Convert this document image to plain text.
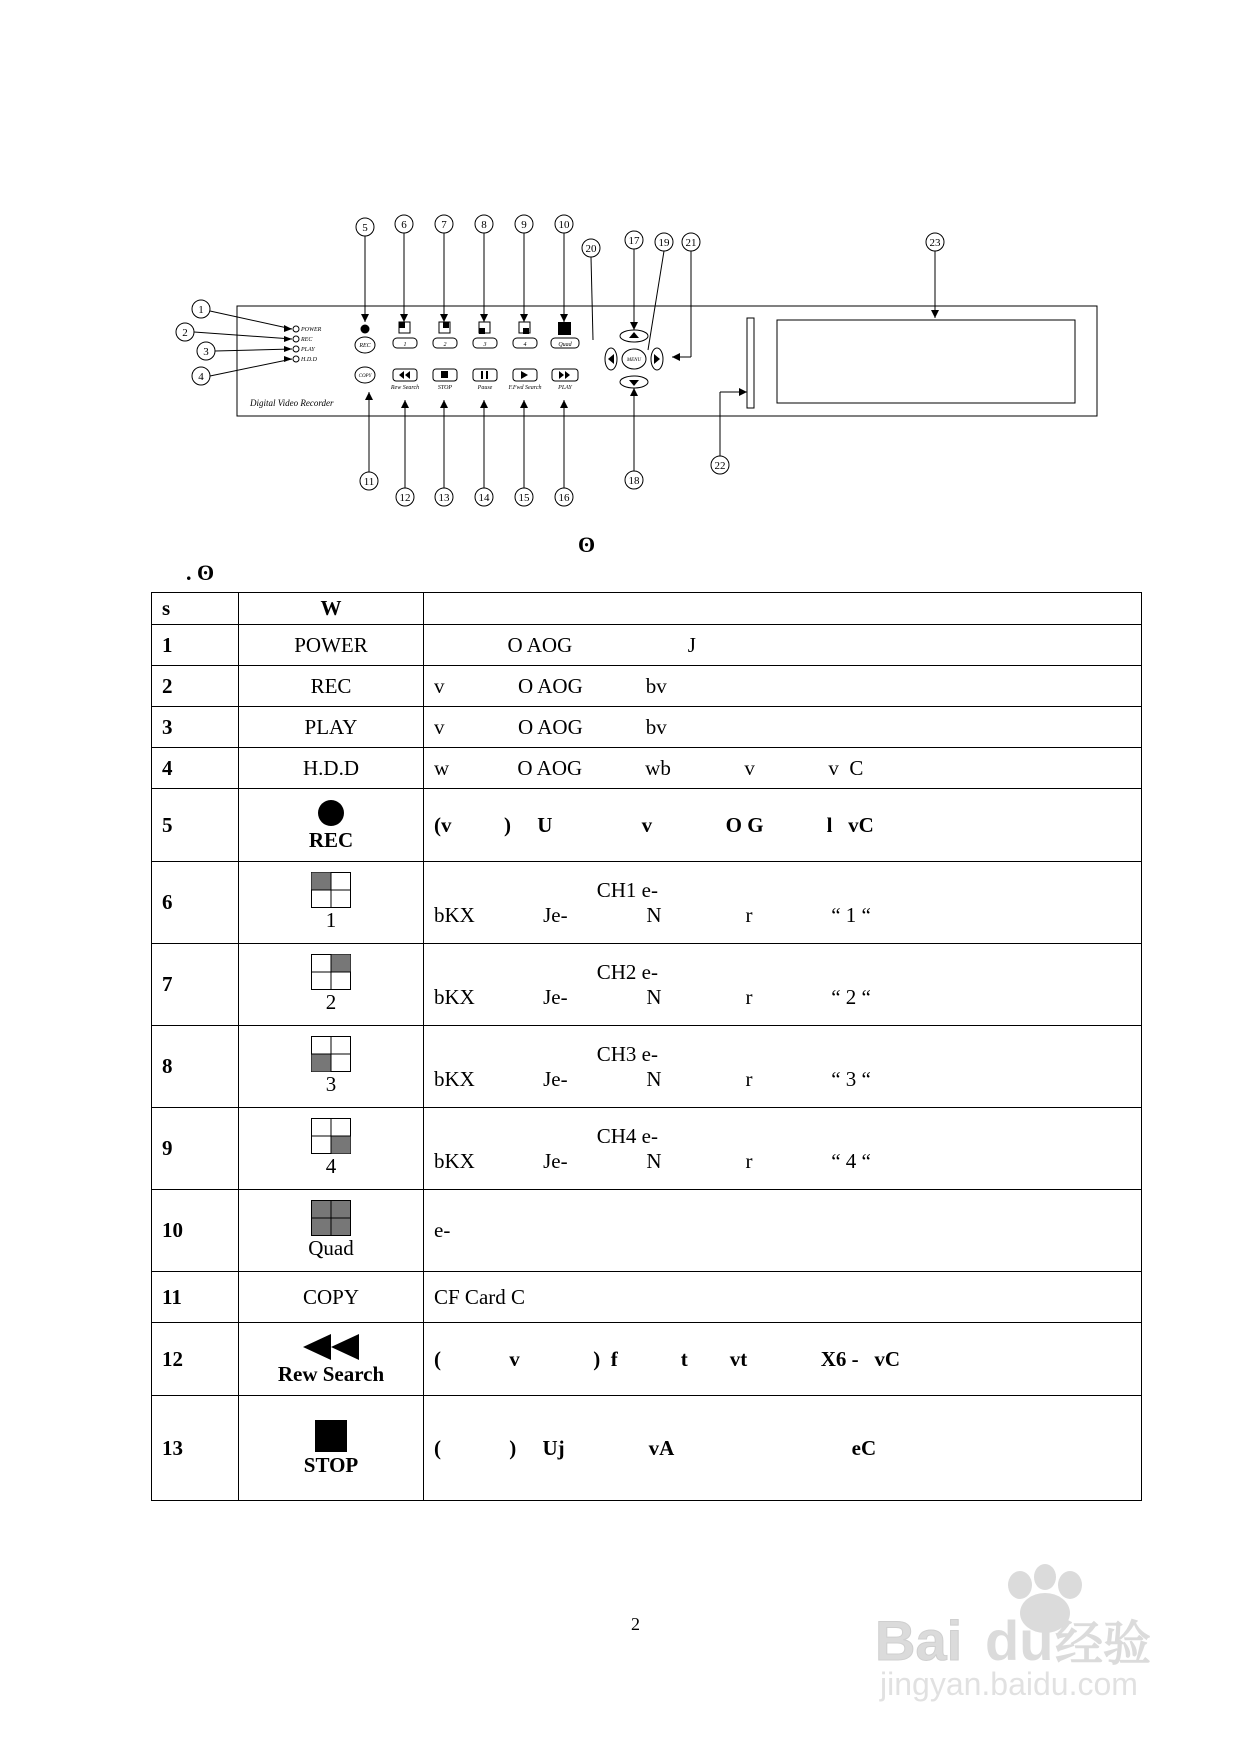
POWER
REC
PLAY
H.D.D
REC	1	2	3	4	Quad
COPY
Rew Search	STOP	Pause	F.Fwd Search	PLAY
MENU
Digital Video Recorder
1
2
3
4
5	6	7	8	9	10
11
12	13	14	15	16
17
18
19
20	21
22
23
ʘ
. ʘ
s	W	
1	POWER	O AOG                      J
2	REC	v              O AOG            bv
3	PLAY	v              O AOG            bv
4	H.D.D	w             O AOG            wb              v              v  C
5	REC	(v          )     U                 v              O G            l   vC
6	1	CH1 e-
bKX             Je-               N                r               “ 1 “

7	2	CH2 e-
bKX             Je-               N                r               “ 2 “

8	3	CH3 e-
bKX             Je-               N                r               “ 3 “

9	4	CH4 e-
bKX             Je-               N                r               “ 4 “

10	Quad	e-
11	COPY	CF Card C
12	Rew Search	(             v              )  f            t        vt              X6 -   vC
13	STOP	(             )     Uj                vA                                  eC
2	Bai du 经验
jingyan.baidu.com
